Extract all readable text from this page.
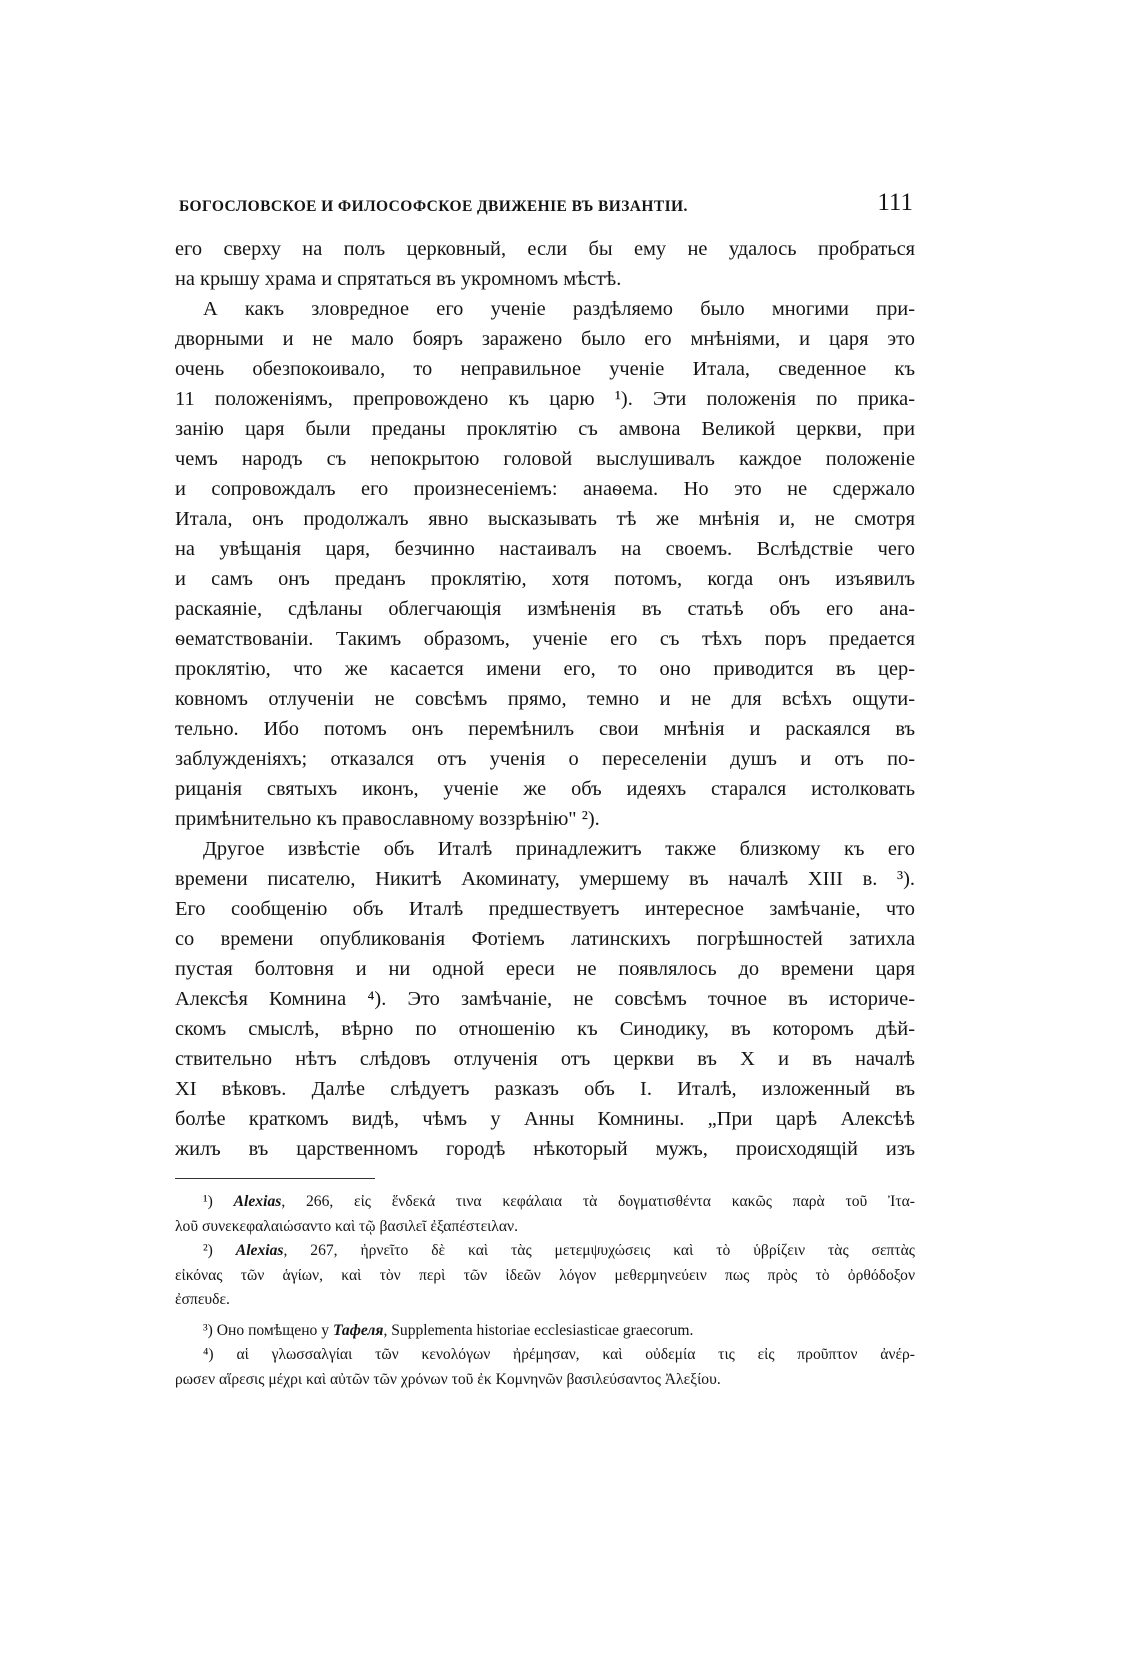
БОГОСЛОВСКОЕ И ФИЛОСОФСКОЕ ДВИЖЕНІЕ ВЪ ВИЗАНТІИ.	111
его сверху на полъ церковный, если бы ему не удалось пробраться
на крышу храма и спрятаться въ укромномъ мѣстѣ.
А какъ зловредное его ученіе раздѣляемо было многими при-
дворными и не мало бояръ заражено было его мнѣніями, и царя это
очень обезпокоивало, то неправильное ученіе Итала, сведенное къ
11 положеніямъ, препровождено къ царю ¹). Эти положенія по прика-
занію царя были преданы проклятію съ амвона Великой церкви, при
чемъ народъ съ непокрытою головой выслушивалъ каждое положеніе
и сопровождалъ его произнесеніемъ: анаѳема. Но это не сдержало
Итала, онъ продолжалъ явно высказывать тѣ же мнѣнія и, не смотря
на увѣщанія царя, безчинно настаивалъ на своемъ. Вслѣдствіе чего
и самъ онъ преданъ проклятію, хотя потомъ, когда онъ изъявилъ
раскаяніе, сдѣланы облегчающія измѣненія въ статьѣ объ его ана-
ѳематствованіи. Такимъ образомъ, ученіе его съ тѣхъ поръ предается
проклятію, что же касается имени его, то оно приводится въ цер-
ковномъ отлученіи не совсѣмъ прямо, темно и не для всѣхъ ощути-
тельно. Ибо потомъ онъ перемѣнилъ свои мнѣнія и раскаялся въ
заблужденіяхъ; отказался отъ ученія о переселеніи душъ и отъ по-
рицанія святыхъ иконъ, ученіе же объ идеяхъ старался истолковать
примѣнительно къ православному воззрѣнію" ²).
Другое извѣстіе объ Италѣ принадлежитъ также близкому къ его
времени писателю, Никитѣ Акоминату, умершему въ началѣ XIII в. ³).
Его сообщенію объ Италѣ предшествуетъ интересное замѣчаніе, что
со времени опубликованія Фотіемъ латинскихъ погрѣшностей затихла
пустая болтовня и ни одной ереси не появлялось до времени царя
Алексѣя Комнина ⁴). Это замѣчаніе, не совсѣмъ точное въ историче-
скомъ смыслѣ, вѣрно по отношенію къ Синодику, въ которомъ дѣй-
ствительно нѣтъ слѣдовъ отлученія отъ церкви въ X и въ началѣ
XI вѣковъ. Далѣе слѣдуетъ разказъ объ І. Италѣ, изложенный въ
болѣе краткомъ видѣ, чѣмъ у Анны Комнины. „При царѣ Алексѣѣ
жилъ въ царственномъ городѣ нѣкоторый мужъ, происходящій изъ
¹) Alexias, 266, εἰς ἕνδεκά τινα κεφάλαια τὰ δογματισθέντα κακῶς παρὰ τοῦ Ἰτα-
λοῦ συνεκεφαλαιώσαντο καὶ τῷ βασιλεῖ ἐξαπέστειλαν.
²) Alexias, 267, ἠρνεῖτο δὲ καὶ τὰς μετεμψυχώσεις καὶ τὸ ὑβρίζειν τὰς σεπτὰς
εἰκόνας τῶν ἁγίων, καὶ τὸν περὶ τῶν ἰδεῶν λόγον μεθερμηνεύειν πως πρὸς τὸ ὀρθόδοξον
ἐσπευδε.
³) Оно помѣщено у Тафеля, Supplementa historiae ecclesiasticae graecorum.
⁴) αἱ γλωσσαλγίαι τῶν κενολόγων ἠρέμησαν, καὶ οὐδεμία τις εἰς προῦπτον ἀνέρ-
ρωσεν αἵρεσις μέχρι καὶ αὐτῶν τῶν χρόνων τοῦ ἐκ Κομνηνῶν βασιλεύσαντος Ἀλεξίου.
